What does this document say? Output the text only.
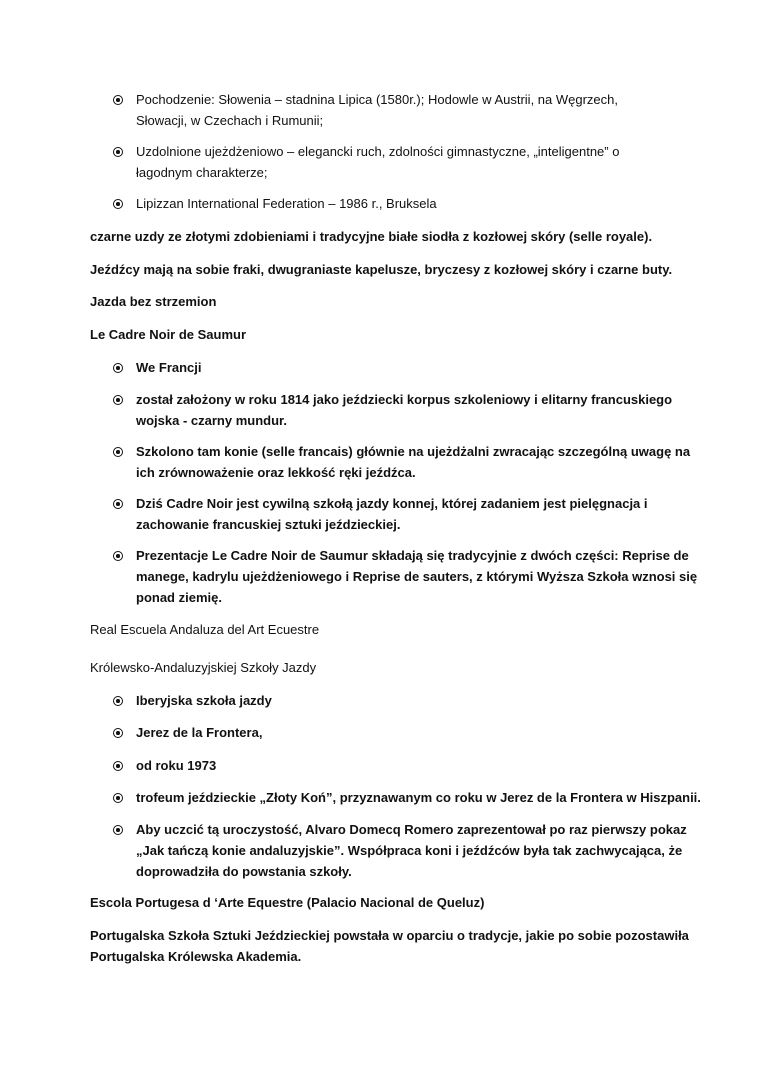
Pochodzenie: Słowenia – stadnina Lipica (1580r.); Hodowle w Austrii, na Węgrzech,
Słowacji, w Czechach i Rumunii;
Uzdolnione ujeżdżeniowo – elegancki ruch, zdolności gimnastyczne, „inteligentne” o
łagodnym charakterze;
Lipizzan International Federation – 1986 r., Bruksela
czarne uzdy ze złotymi zdobieniami i tradycyjne białe siodła z kozłowej skóry (selle royale).
Jeźdźcy mają na sobie fraki, dwugraniaste kapelusze, bryczesy z kozłowej skóry i czarne buty.
Jazda bez strzemion
Le Cadre Noir de Saumur
We Francji
został założony w roku 1814 jako jeździecki korpus szkoleniowy i elitarny francuskiego
wojska - czarny mundur.
Szkolono tam konie (selle francais) głównie na ujeżdżalni zwracając szczególną uwagę na
ich zrównoważenie oraz lekkość ręki jeźdźca.
Dziś Cadre Noir jest cywilną szkołą jazdy konnej, której zadaniem jest pielęgnacja i
zachowanie francuskiej sztuki jeździeckiej.
Prezentacje Le Cadre Noir de Saumur składają się tradycyjnie z dwóch części: Reprise de
manege, kadrylu ujeżdżeniowego i Reprise de sauters, z którymi Wyższa Szkoła wznosi się
ponad ziemię.
Real Escuela Andaluza del Art Ecuestre
Królewsko-Andaluzyjskiej Szkoły Jazdy
Iberyjska szkoła jazdy
Jerez de la Frontera,
od roku 1973
trofeum jeździeckie „Złoty Koń”, przyznawanym co roku w Jerez de la Frontera w Hiszpanii.
Aby uczcić tą uroczystość, Alvaro Domecq Romero zaprezentował po raz pierwszy pokaz
„Jak tańczą konie andaluzyjskie”. Współpraca koni i jeźdźców była tak zachwycająca, że
doprowadziła do powstania szkoły.
Escola Portugesa d ‘Arte Equestre (Palacio Nacional de Queluz)
Portugalska Szkoła Sztuki Jeździeckiej powstała w oparciu o tradycje, jakie po sobie pozostawiła
Portugalska Królewska Akademia.
